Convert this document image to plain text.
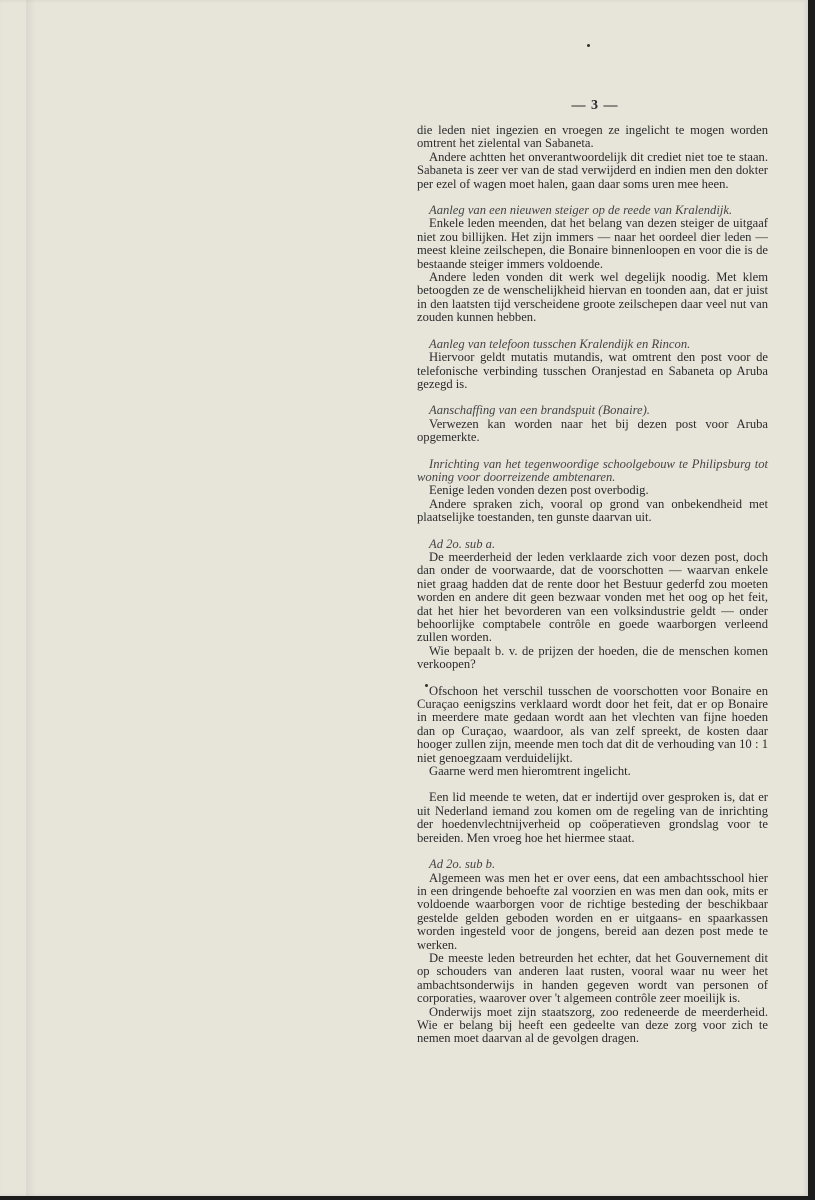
— 3 —

die leden niet ingezien en vroegen ze ingelicht te mogen worden omtrent het zielental van Sabaneta.

Andere achtten het onverantwoordelijk dit crediet niet toe te staan. Sabaneta is zeer ver van de stad verwijderd en indien men den dokter per ezel of wagen moet halen, gaan daar soms uren mee heen.

Aanleg van een nieuwen steiger op de reede van Kralendijk.

Enkele leden meenden, dat het belang van dezen steiger de uitgaaf niet zou billijken. Het zijn immers — naar het oordeel dier leden — meest kleine zeilschepen, die Bonaire binnenloopen en voor die is de bestaande steiger immers voldoende.

Andere leden vonden dit werk wel degelijk noodig. Met klem betoogden ze de wenschelijkheid hiervan en toonden aan, dat er juist in den laatsten tijd verscheidene groote zeilschepen daar veel nut van zouden kunnen hebben.

Aanleg van telefoon tusschen Kralendijk en Rincon.

Hiervoor geldt mutatis mutandis, wat omtrent den post voor de telefonische verbinding tusschen Oranjestad en Sabaneta op Aruba gezegd is.

Aanschaffing van een brandspuit (Bonaire).

Verwezen kan worden naar het bij dezen post voor Aruba opgemerkte.

Inrichting van het tegenwoordige schoolgebouw te Philipsburg tot woning voor doorreizende ambtenaren.

Eenige leden vonden dezen post overbodig.

Andere spraken zich, vooral op grond van onbekendheid met plaatselijke toestanden, ten gunste daarvan uit.

Ad 2o. sub a.

De meerderheid der leden verklaarde zich voor dezen post, doch dan onder de voorwaarde, dat de voorschotten — waarvan enkele niet graag hadden dat de rente door het Bestuur gederfd zou moeten worden en andere dit geen bezwaar vonden met het oog op het feit, dat het hier het bevorderen van een volksindustrie geldt — onder behoorlijke comptabele contrôle en goede waarborgen verleend zullen worden.

Wie bepaalt b. v. de prijzen der hoeden, die de menschen komen verkoopen?

Ofschoon het verschil tusschen de voorschotten voor Bonaire en Curaçao eenigszins verklaard wordt door het feit, dat er op Bonaire in meerdere mate gedaan wordt aan het vlechten van fijne hoeden dan op Curaçao, waardoor, als van zelf spreekt, de kosten daar hooger zullen zijn, meende men toch dat dit de verhouding van 10 : 1 niet genoegzaam verduidelijkt.

Gaarne werd men hieromtrent ingelicht.

Een lid meende te weten, dat er indertijd over gesproken is, dat er uit Nederland iemand zou komen om de regeling van de inrichting der hoedenvlechtnijverheid op coöperatieven grondslag voor te bereiden. Men vroeg hoe het hiermee staat.

Ad 2o. sub b.

Algemeen was men het er over eens, dat een ambachtsschool hier in een dringende behoefte zal voorzien en was men dan ook, mits er voldoende waarborgen voor de richtige besteding der beschikbaar gestelde gelden geboden worden en er uitgaans- en spaarkassen worden ingesteld voor de jongens, bereid aan dezen post mede te werken.

De meeste leden betreurden het echter, dat het Gouvernement dit op schouders van anderen laat rusten, vooral waar nu weer het ambachtsonderwijs in handen gegeven wordt van personen of corporaties, waarover over 't algemeen contrôle zeer moeilijk is.

Onderwijs moet zijn staatszorg, zoo redeneerde de meerderheid. Wie er belang bij heeft een gedeelte van deze zorg voor zich te nemen moet daarvan al de gevolgen dragen.
